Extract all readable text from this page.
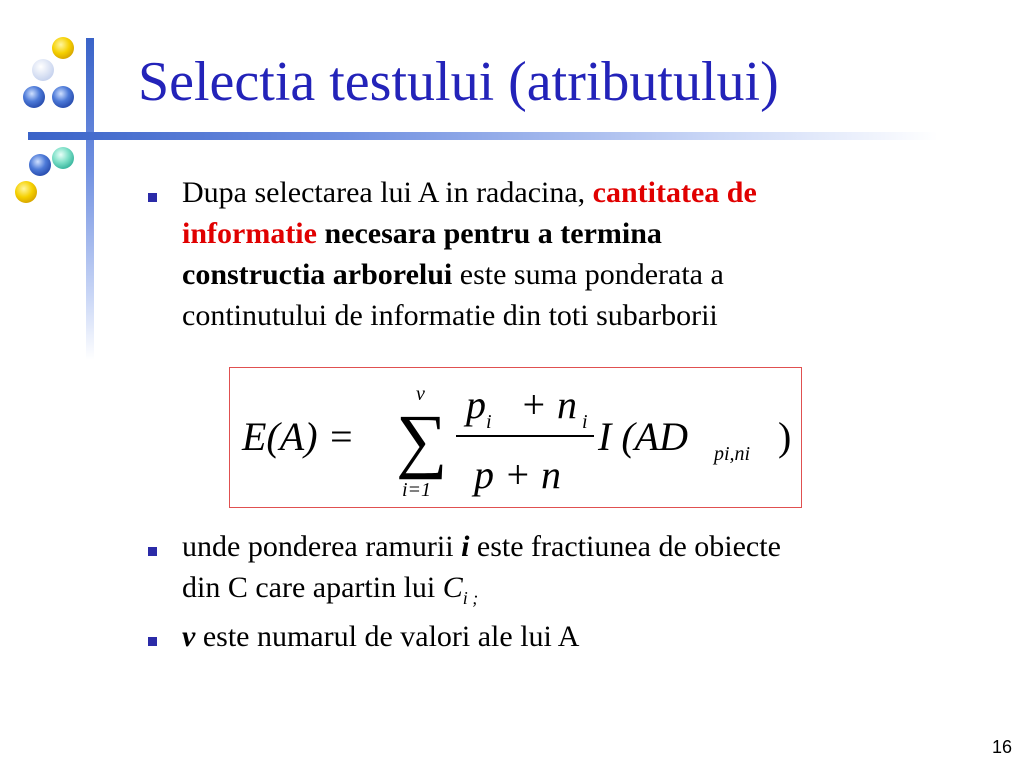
Selectia testului (atributului)
Dupa selectarea lui A in radacina, cantitatea de
informatie necesara pentru a termina
constructia arborelui este suma ponderata a
continutului de informatie din toti subarborii
E(A) = ∑
v
i=1
p i + n i
p + n
I (AD pi,ni )
unde ponderea ramurii i este fractiunea de obiecte
din C care apartin lui $C_{i ;}$
v este numarul de valori ale lui A
16
